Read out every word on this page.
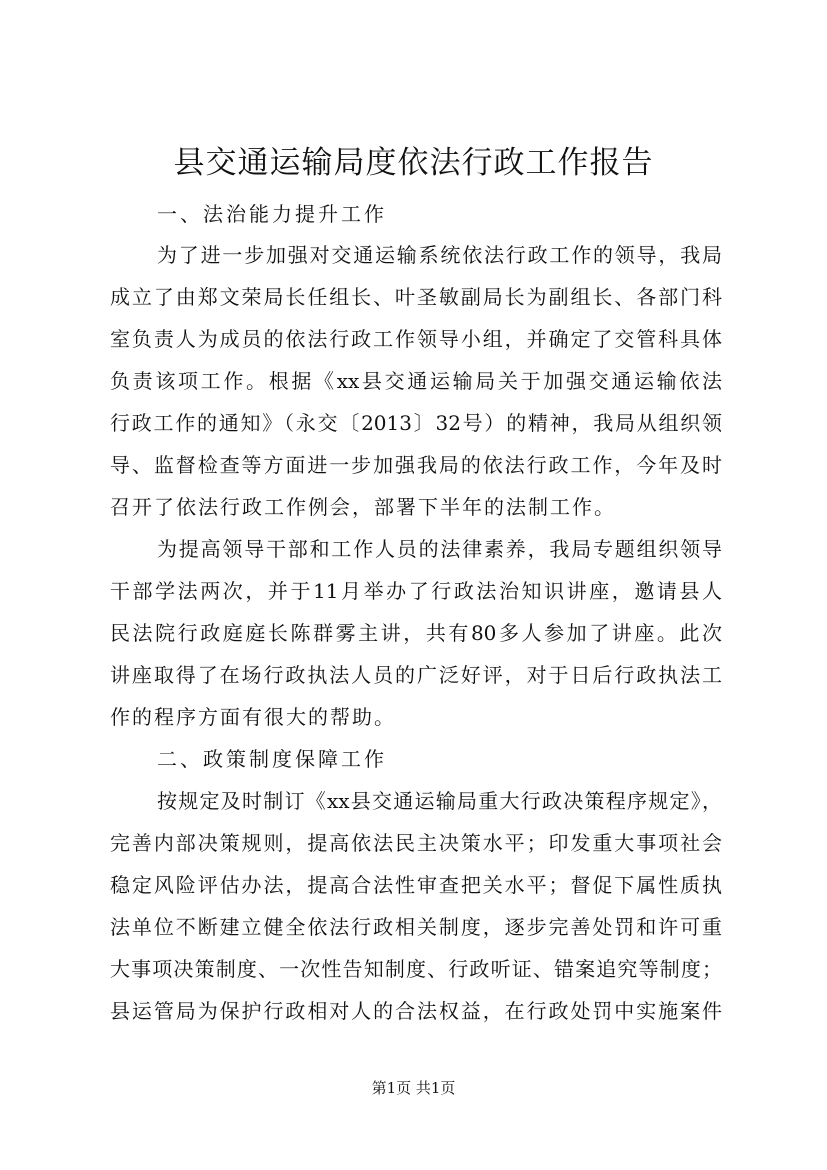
县交通运输局度依法行政工作报告
一、法治能力提升工作
为了进一步加强对交通运输系统依法行政工作的领导，我局
成立了由郑文荣局长任组长、叶圣敏副局长为副组长、各部门科
室负责人为成员的依法行政工作领导小组，并确定了交管科具体
负责该项工作。根据《xx县交通运输局关于加强交通运输依法
行政工作的通知》（永交〔2013〕32号）的精神，我局从组织领
导、监督检查等方面进一步加强我局的依法行政工作，今年及时
召开了依法行政工作例会，部署下半年的法制工作。
为提高领导干部和工作人员的法律素养，我局专题组织领导
干部学法两次，并于11月举办了行政法治知识讲座，邀请县人
民法院行政庭庭长陈群雾主讲，共有80多人参加了讲座。此次
讲座取得了在场行政执法人员的广泛好评，对于日后行政执法工
作的程序方面有很大的帮助。
二、政策制度保障工作
按规定及时制订《xx县交通运输局重大行政决策程序规定》，
完善内部决策规则，提高依法民主决策水平；印发重大事项社会
稳定风险评估办法，提高合法性审查把关水平；督促下属性质执
法单位不断建立健全依法行政相关制度，逐步完善处罚和许可重
大事项决策制度、一次性告知制度、行政听证、错案追究等制度；
县运管局为保护行政相对人的合法权益，在行政处罚中实施案件
第1页 共1页
